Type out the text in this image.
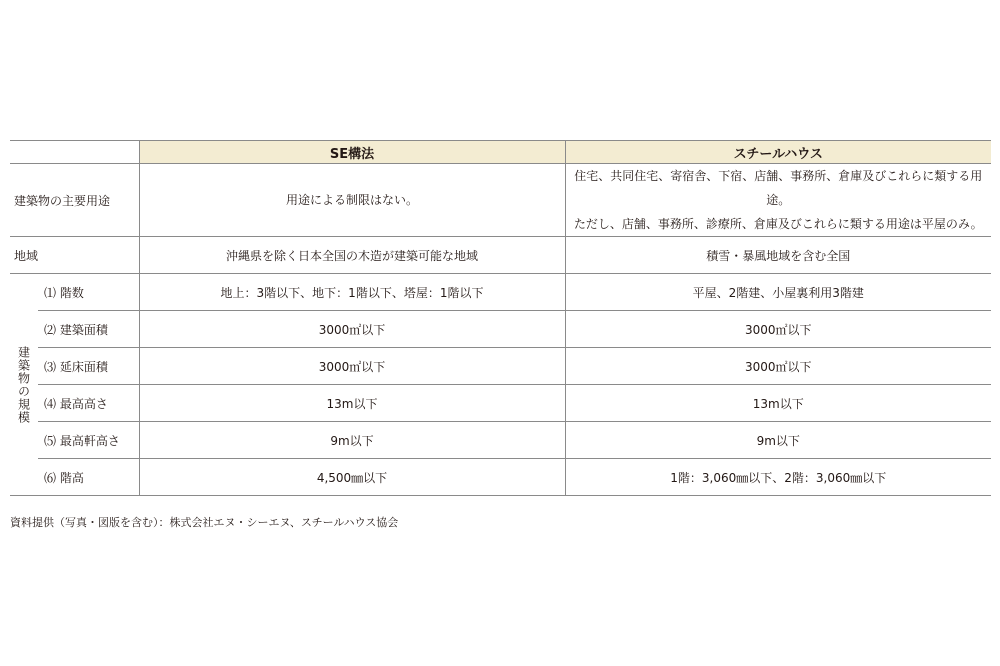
		SE構法	スチールハウス
建築物の主要用途		用途による制限はない。	住宅、共同住宅、寄宿舎、下宿、店舗、事務所、倉庫及びこれらに類する用途。
ただし、店舗、事務所、診療所、倉庫及びこれらに類する用途は平屋のみ。

地域		沖縄県を除く日本全国の木造が建築可能な地域	積雪・暴風地域を含む全国

建築物の規模	⑴ 階数	地上：3階以下、地下：1階以下、塔屋：1階以下	平屋、2階建、小屋裏利用3階建
	⑵ 建築面積	3000㎡以下	3000㎡以下
	⑶ 延床面積	3000㎡以下	3000㎡以下
	⑷ 最高高さ	13m以下	13m以下
	⑸ 最高軒高さ	9m以下	9m以下
	⑹ 階高	4,500㎜以下	1階：3,060㎜以下、2階：3,060㎜以下
資料提供（写真・図版を含む）：株式会社エヌ・シーエヌ、スチールハウス協会
